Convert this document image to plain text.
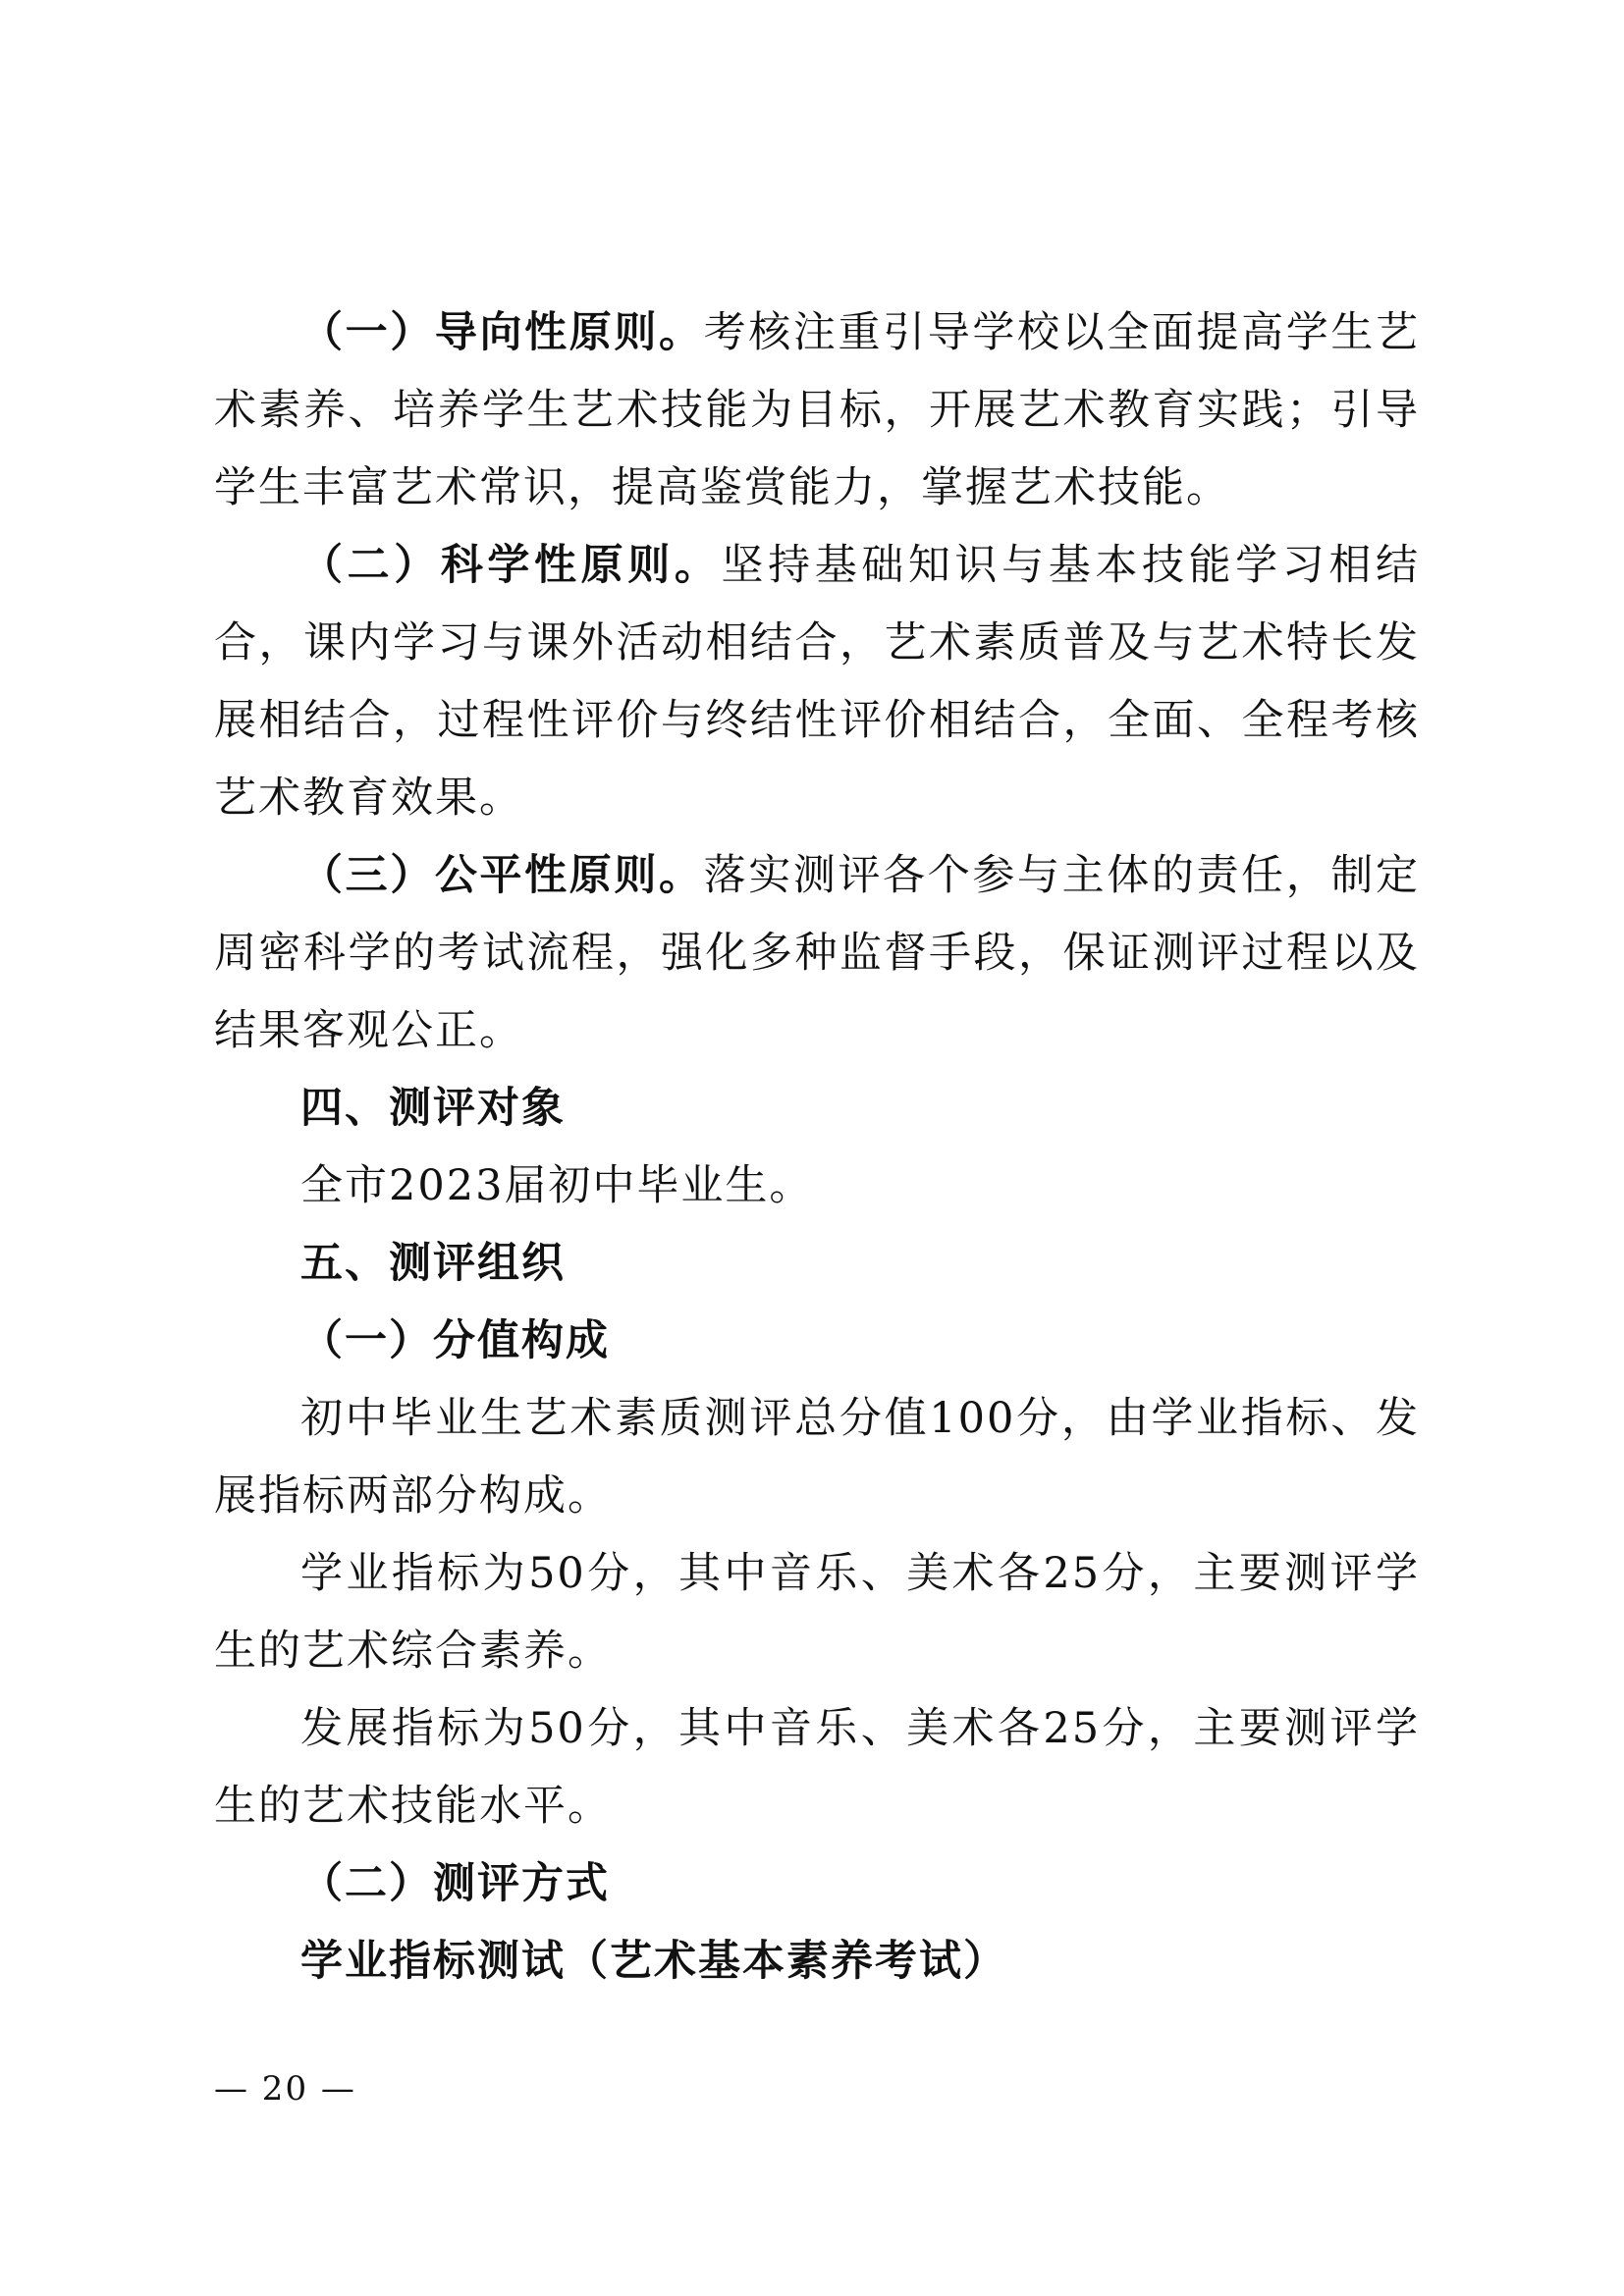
（一）导向性原则。考核注重引导学校以全面提高学生艺术素养、培养学生艺术技能为目标，开展艺术教育实践；引导学生丰富艺术常识，提高鉴赏能力，掌握艺术技能。

（二）科学性原则。坚持基础知识与基本技能学习相结合，课内学习与课外活动相结合，艺术素质普及与艺术特长发展相结合，过程性评价与终结性评价相结合，全面、全程考核艺术教育效果。

（三）公平性原则。落实测评各个参与主体的责任，制定周密科学的考试流程，强化多种监督手段，保证测评过程以及结果客观公正。

四、测评对象

全市2023届初中毕业生。

五、测评组织

（一）分值构成

初中毕业生艺术素质测评总分值100分，由学业指标、发展指标两部分构成。

学业指标为50分，其中音乐、美术各25分，主要测评学生的艺术综合素养。

发展指标为50分，其中音乐、美术各25分，主要测评学生的艺术技能水平。

（二）测评方式

学业指标测试（艺术基本素养考试）

— 20 —
